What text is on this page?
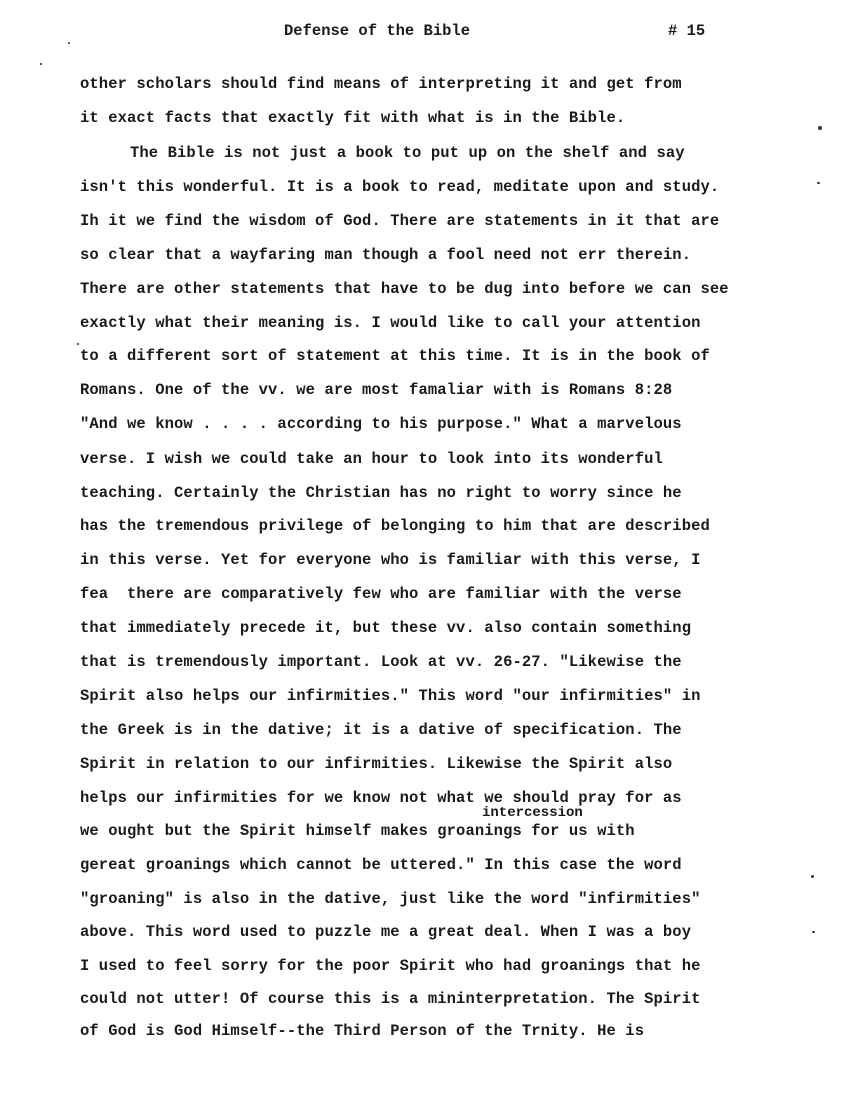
Defense of the Bible	# 15
other scholars should find means of interpreting it and get from
it exact facts that exactly fit with what is in the Bible.
The Bible is not just a book to put up on the shelf and say
isn't this wonderful. It is a book to read, meditate upon and study.
Ih it we find the wisdom of God. There are statements in it that are
so clear that a wayfaring man though a fool need not err therein.
There are other statements that have to be dug into before we can see
exactly what their meaning is. I would like to call your attention
to a different sort of statement at this time. It is in the book of
Romans. One of the vv. we are most famaliar with is Romans 8:28
"And we know . . . . according to his purpose." What a marvelous
verse. I wish we could take an hour to look into its wonderful
teaching. Certainly the Christian has no right to worry since he
has the tremendous privilege of belonging to him that are described
in this verse. Yet for everyone who is familiar with this verse, I
fea  there are comparatively few who are familiar with the verse
that immediately precede it, but these vv. also contain something
that is tremendously important. Look at vv. 26-27. "Likewise the
Spirit also helps our infirmities." This word "our infirmities" in
the Greek is in the dative; it is a dative of specification. The
Spirit in relation to our infirmities. Likewise the Spirit also
helps our infirmities for we know not what we should pray for as
intercession
we ought but the Spirit himself makes groanings for us with
gereat groanings which cannot be uttered." In this case the word
"groaning" is also in the dative, just like the word "infirmities"
above. This word used to puzzle me a great deal. When I was a boy
I used to feel sorry for the poor Spirit who had groanings that he
could not utter! Of course this is a mininterpretation. The Spirit
of God is God Himself--the Third Person of the Trnity. He is
